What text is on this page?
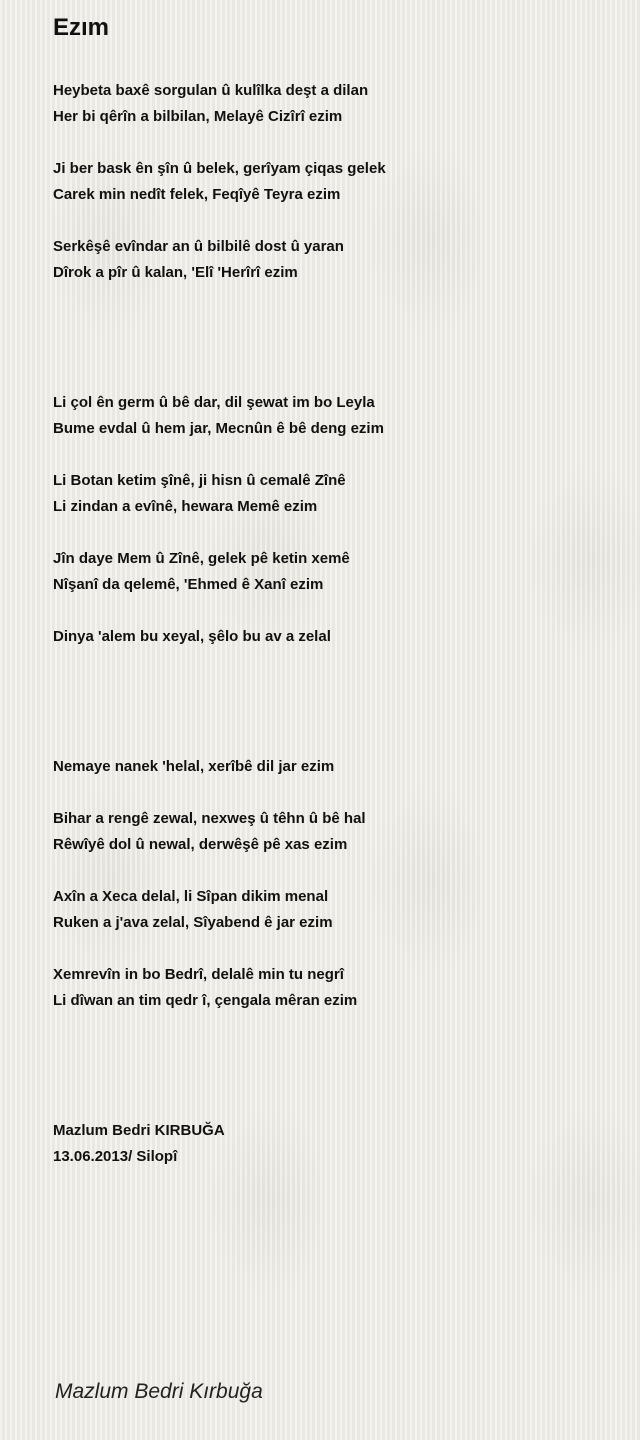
Ezım
Heybeta baxê sorgulan û kulîlka deşt a dilan
Her bi qêrîn a bilbilan, Melayê Cizîrî ezim
Ji ber bask ên şîn û belek, gerîyam çiqas gelek
Carek min nedît felek, Feqîyê Teyra ezim
Serkêşê evîndar an û bilbilê dost û yaran
Dîrok a pîr û kalan, 'Elî 'Herîrî ezim
Li çol ên germ û bê dar, dil şewat im bo Leyla
Bume evdal û hem jar, Mecnûn ê bê deng ezim
Li Botan ketim şînê, ji hisn û cemalê Zînê
Li zindan a evînê, hewara Memê ezim
Jîn daye Mem û Zînê, gelek pê ketin xemê
Nîşanî da qelemê, 'Ehmed ê Xanî ezim
Dinya 'alem bu xeyal, şêlo bu av a zelal
Nemaye nanek 'helal, xerîbê dil jar ezim
Bihar a rengê zewal, nexweş û têhn û bê hal
Rêwîyê dol û newal, derwêşê pê xas ezim
Axîn a Xeca delal, li Sîpan dikim menal
Ruken a j'ava zelal, Sîyabend ê jar ezim
Xemrevîn in bo Bedrî, delalê min tu negrî
Li dîwan an tim qedr î, çengala mêran ezim
Mazlum Bedri KIRBUĞA
13.06.2013/ Silopî
Mazlum Bedri Kırbuğa
